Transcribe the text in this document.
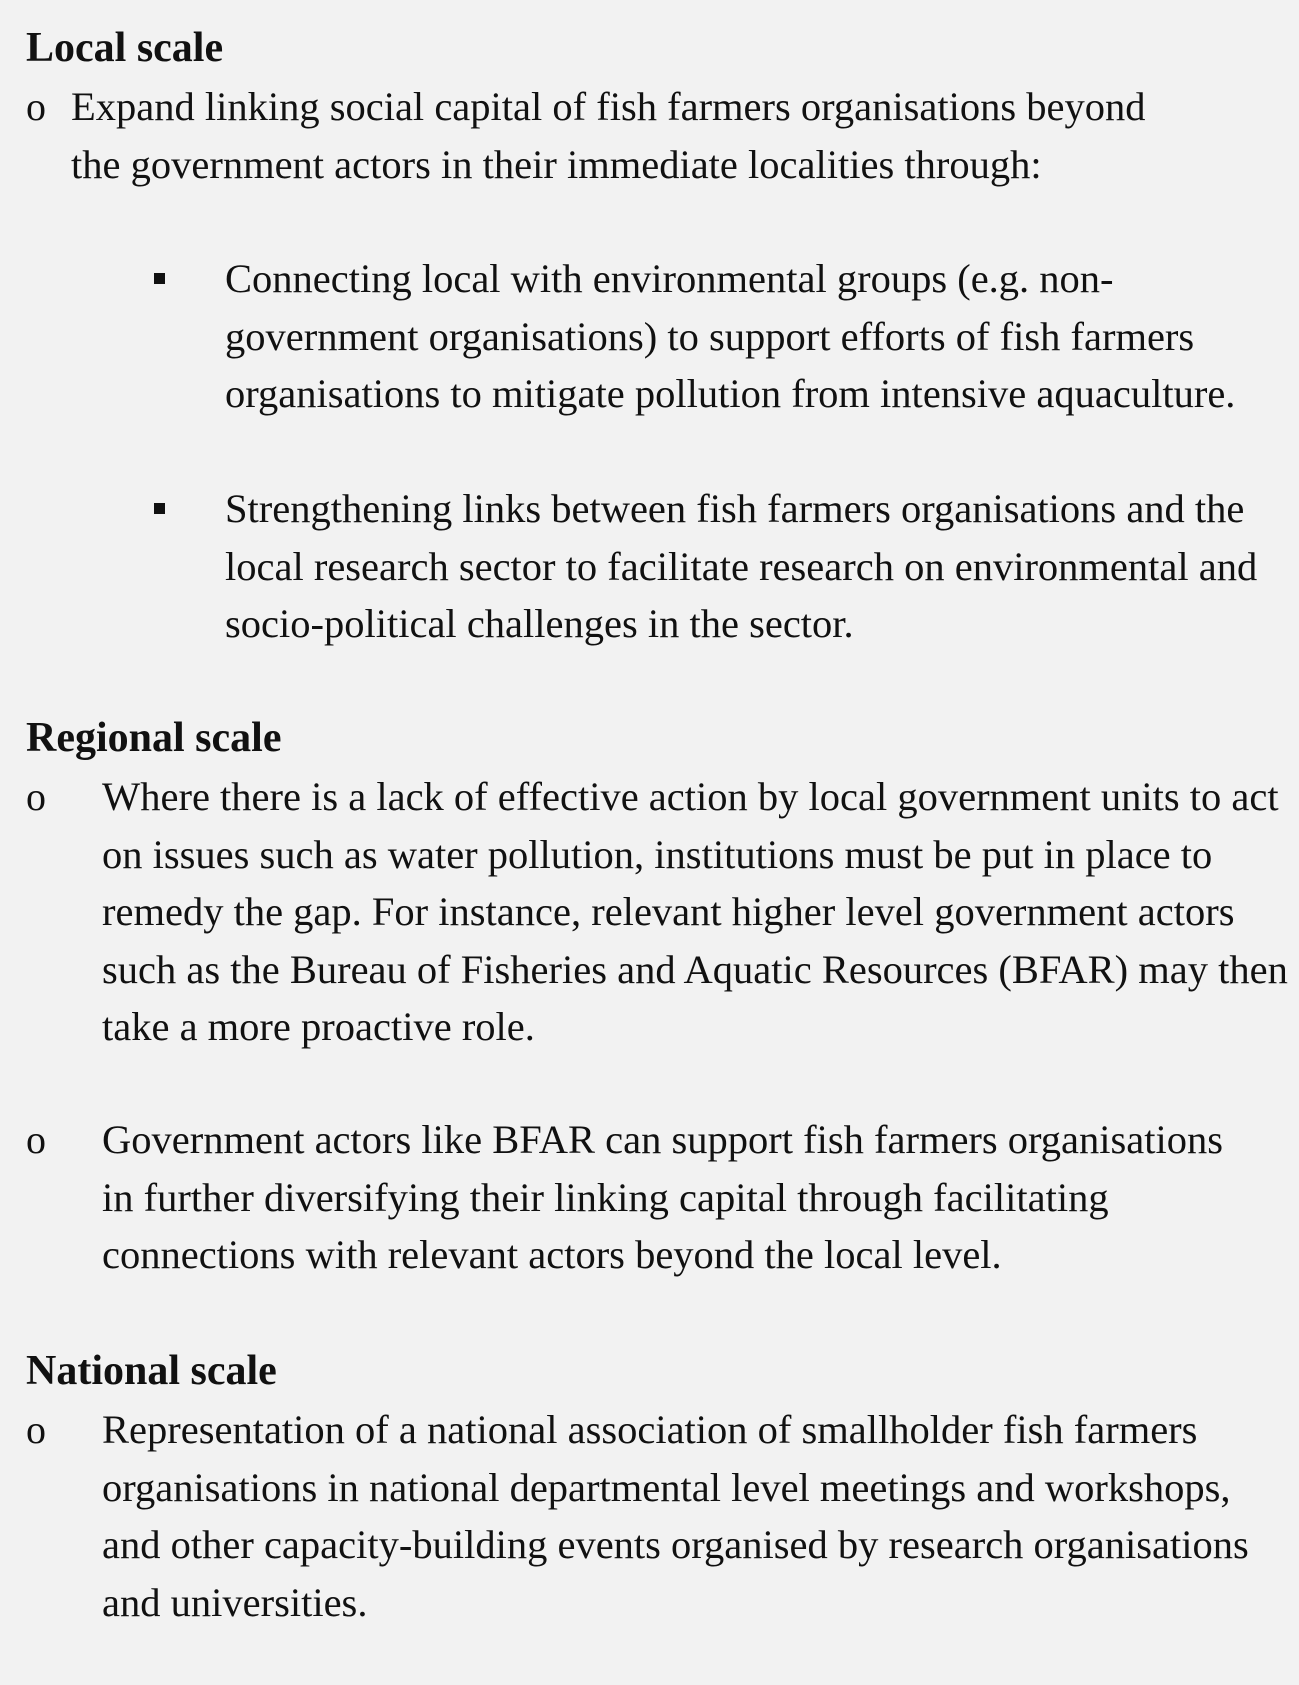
Local scale
o Expand linking social capital of fish farmers organisations beyond the government actors in their immediate localities through:

Connecting local with environmental groups (e.g. non-government organisations) to support efforts of fish farmers organisations to mitigate pollution from intensive aquaculture.

Strengthening links between fish farmers organisations and the local research sector to facilitate research on environmental and socio-political challenges in the sector.

Regional scale
o Where there is a lack of effective action by local government units to act on issues such as water pollution, institutions must be put in place to remedy the gap. For instance, relevant higher level government actors such as the Bureau of Fisheries and Aquatic Resources (BFAR) may then take a more proactive role.

o Government actors like BFAR can support fish farmers organisations in further diversifying their linking capital through facilitating connections with relevant actors beyond the local level.

National scale
o Representation of a national association of smallholder fish farmers organisations in national departmental level meetings and workshops, and other capacity-building events organised by research organisations and universities.
